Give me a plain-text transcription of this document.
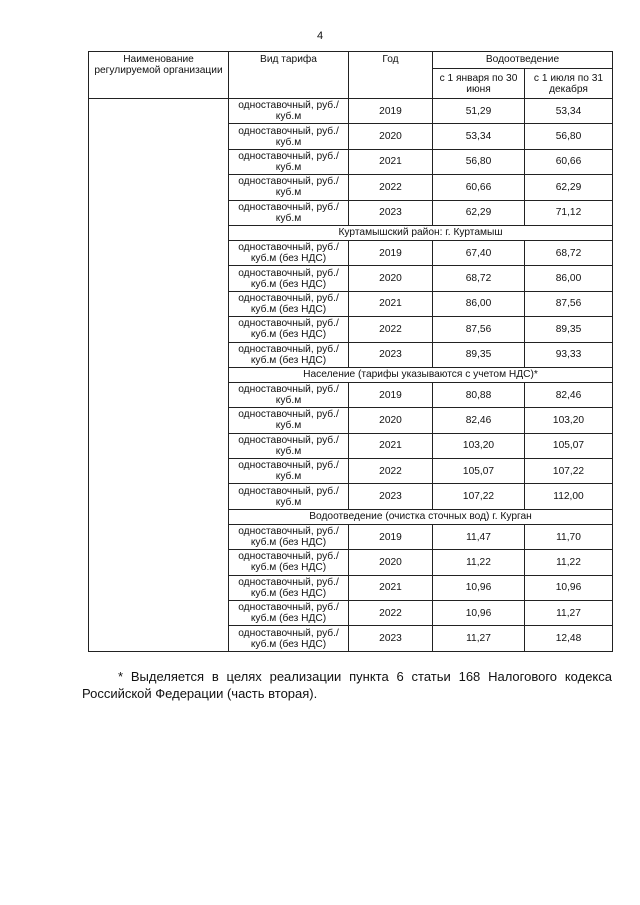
4
Наименование регулируемой организации	Вид тарифа	Год	Водоотведение	
			с 1 января по 30 июня	с 1 июля по 31 декабря
	одноставочный, руб./куб.м	2019	51,29	53,34
	одноставочный, руб./куб.м	2020	53,34	56,80
	одноставочный, руб./куб.м	2021	56,80	60,66
	одноставочный, руб./куб.м	2022	60,66	62,29
	одноставочный, руб./куб.м	2023	62,29	71,12
	Куртамышский район: г. Куртамыш			
	одноставочный, руб./куб.м (без НДС)	2019	67,40	68,72
	одноставочный, руб./куб.м (без НДС)	2020	68,72	86,00
	одноставочный, руб./куб.м (без НДС)	2021	86,00	87,56
	одноставочный, руб./куб.м (без НДС)	2022	87,56	89,35
	одноставочный, руб./куб.м (без НДС)	2023	89,35	93,33
	Население (тарифы указываются с учетом НДС)*			
	одноставочный, руб./куб.м	2019	80,88	82,46
	одноставочный, руб./куб.м	2020	82,46	103,20
	одноставочный, руб./куб.м	2021	103,20	105,07
	одноставочный, руб./куб.м	2022	105,07	107,22
	одноставочный, руб./куб.м	2023	107,22	112,00
	Водоотведение (очистка сточных вод) г. Курган			
	одноставочный, руб./куб.м (без НДС)	2019	11,47	11,70
	одноставочный, руб./куб.м (без НДС)	2020	11,22	11,22
	одноставочный, руб./куб.м (без НДС)	2021	10,96	10,96
	одноставочный, руб./куб.м (без НДС)	2022	10,96	11,27
	одноставочный, руб./куб.м (без НДС)	2023	11,27	12,48
* Выделяется в целях реализации пункта 6 статьи 168 Налогового кодекса Российской Федерации (часть вторая).
